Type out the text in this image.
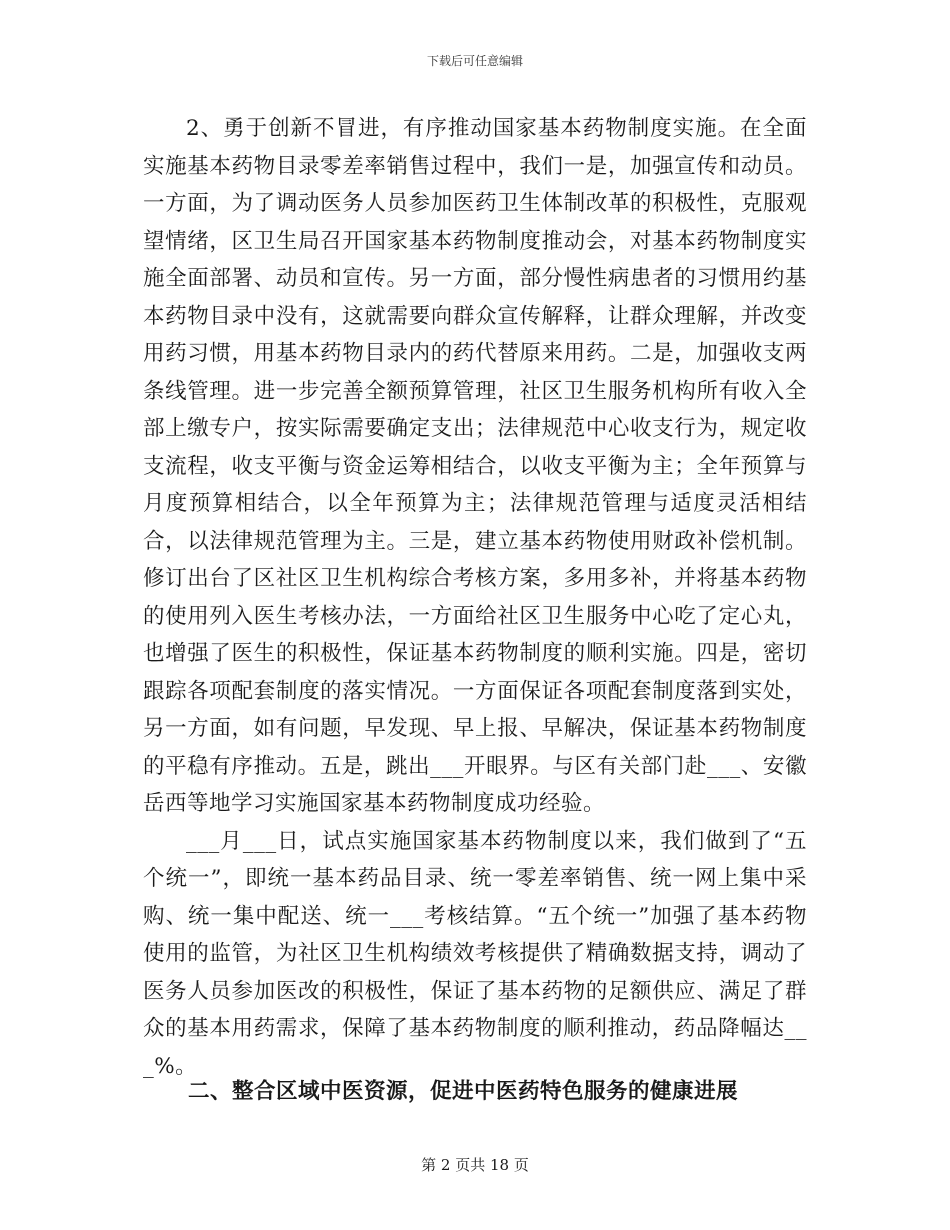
下载后可任意编辑

2、勇于创新不冒进，有序推动国家基本药物制度实施。在全面实施基本药物目录零差率销售过程中，我们一是，加强宣传和动员。一方面，为了调动医务人员参加医药卫生体制改革的积极性，克服观望情绪，区卫生局召开国家基本药物制度推动会，对基本药物制度实施全面部署、动员和宣传。另一方面，部分慢性病患者的习惯用约基本药物目录中没有，这就需要向群众宣传解释，让群众理解，并改变用药习惯，用基本药物目录内的药代替原来用药。二是，加强收支两条线管理。进一步完善全额预算管理，社区卫生服务机构所有收入全部上缴专户，按实际需要确定支出；法律规范中心收支行为，规定收支流程，收支平衡与资金运筹相结合，以收支平衡为主；全年预算与月度预算相结合，以全年预算为主；法律规范管理与适度灵活相结合，以法律规范管理为主。三是，建立基本药物使用财政补偿机制。修订出台了区社区卫生机构综合考核方案，多用多补，并将基本药物的使用列入医生考核办法，一方面给社区卫生服务中心吃了定心丸，也增强了医生的积极性，保证基本药物制度的顺利实施。四是，密切跟踪各项配套制度的落实情况。一方面保证各项配套制度落到实处，另一方面，如有问题，早发现、早上报、早解决，保证基本药物制度的平稳有序推动。五是，跳出___开眼界。与区有关部门赴___、安徽岳西等地学习实施国家基本药物制度成功经验。

___月___日，试点实施国家基本药物制度以来，我们做到了“五个统一”，即统一基本药品目录、统一零差率销售、统一网上集中采购、统一集中配送、统一___考核结算。“五个统一”加强了基本药物使用的监管，为社区卫生机构绩效考核提供了精确数据支持，调动了医务人员参加医改的积极性，保证了基本药物的足额供应、满足了群众的基本用药需求，保障了基本药物制度的顺利推动，药品降幅达___%。

二、整合区域中医资源，促进中医药特色服务的健康进展
第 2 页共 18 页
